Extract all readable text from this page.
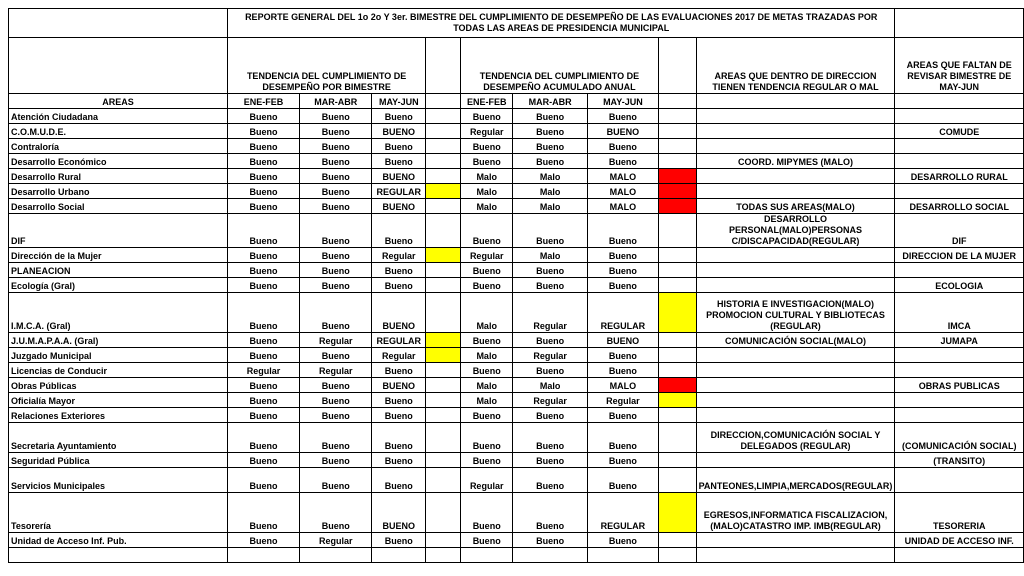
	REPORTE GENERAL DEL 1o 2o Y 3er. BIMESTRE DEL CUMPLIMIENTO DE DESEMPEÑO DE LAS EVALUACIONES 2017 DE METAS TRAZADAS POR TODAS LAS AREAS DE PRESIDENCIA MUNICIPAL									
	TENDENCIA DEL CUMPLIMIENTO DE DESEMPEÑO POR BIMESTRE				TENDENCIA DEL CUMPLIMIENTO DE DESEMPEÑO ACUMULADO ANUAL				AREAS QUE DENTRO DE DIRECCION TIENEN TENDENCIA REGULAR O MAL	AREAS QUE FALTAN DE REVISAR BIMESTRE DE MAY-JUN
AREAS	ENE-FEB	MAR-ABR	MAY-JUN		ENE-FEB	MAR-ABR	MAY-JUN			
Atención Ciudadana	Bueno	Bueno	Bueno		Bueno	Bueno	Bueno			
C.O.M.U.D.E.	Bueno	Bueno	BUENO		Regular	Bueno	BUENO			COMUDE
Contraloría	Bueno	Bueno	Bueno		Bueno	Bueno	Bueno			
Desarrollo Económico	Bueno	Bueno	Bueno		Bueno	Bueno	Bueno		COORD. MIPYMES (MALO)	
Desarrollo Rural	Bueno	Bueno	BUENO		Malo	Malo	MALO			DESARROLLO RURAL
Desarrollo Urbano	Bueno	Bueno	REGULAR		Malo	Malo	MALO			
Desarrollo Social	Bueno	Bueno	BUENO		Malo	Malo	MALO		TODAS SUS AREAS(MALO)	DESARROLLO SOCIAL
DIF	Bueno	Bueno	Bueno		Bueno	Bueno	Bueno		DESARROLLO PERSONAL(MALO)PERSONAS C/DISCAPACIDAD(REGULAR)	DIF
Dirección de la Mujer	Bueno	Bueno	Regular		Regular	Malo	Bueno			DIRECCION DE LA MUJER
PLANEACION	Bueno	Bueno	Bueno		Bueno	Bueno	Bueno			
Ecología (Gral)	Bueno	Bueno	Bueno		Bueno	Bueno	Bueno			ECOLOGIA
I.M.C.A. (Gral)	Bueno	Bueno	BUENO		Malo	Regular	REGULAR		HISTORIA E INVESTIGACION(MALO) PROMOCION CULTURAL Y BIBLIOTECAS (REGULAR)	IMCA
J.U.M.A.P.A.A. (Gral)	Bueno	Regular	REGULAR		Bueno	Bueno	BUENO		COMUNICACIÓN SOCIAL(MALO)	JUMAPA
Juzgado Municipal	Bueno	Bueno	Regular		Malo	Regular	Bueno			
Licencias de Conducir	Regular	Regular	Bueno		Bueno	Bueno	Bueno			
Obras Públicas	Bueno	Bueno	BUENO		Malo	Malo	MALO			OBRAS PUBLICAS
Oficialía Mayor	Bueno	Bueno	Bueno		Malo	Regular	Regular			
Relaciones Exteriores	Bueno	Bueno	Bueno		Bueno	Bueno	Bueno			
Secretaria Ayuntamiento	Bueno	Bueno	Bueno		Bueno	Bueno	Bueno		DIRECCION,COMUNICACIÓN SOCIAL Y DELEGADOS (REGULAR)	(COMUNICACIÓN SOCIAL)
Seguridad Pública	Bueno	Bueno	Bueno		Bueno	Bueno	Bueno			(TRANSITO)
Servicios Municipales	Bueno	Bueno	Bueno		Regular	Bueno	Bueno		PANTEONES,LIMPIA,MERCADOS(REGULAR)	
Tesorería	Bueno	Bueno	BUENO		Bueno	Bueno	REGULAR		EGRESOS,INFORMATICA FISCALIZACION,(MALO)CATASTRO IMP. IMB(REGULAR)	TESORERIA
Unidad de Acceso Inf. Pub.	Bueno	Regular	Bueno		Bueno	Bueno	Bueno			UNIDAD DE ACCESO INF.
